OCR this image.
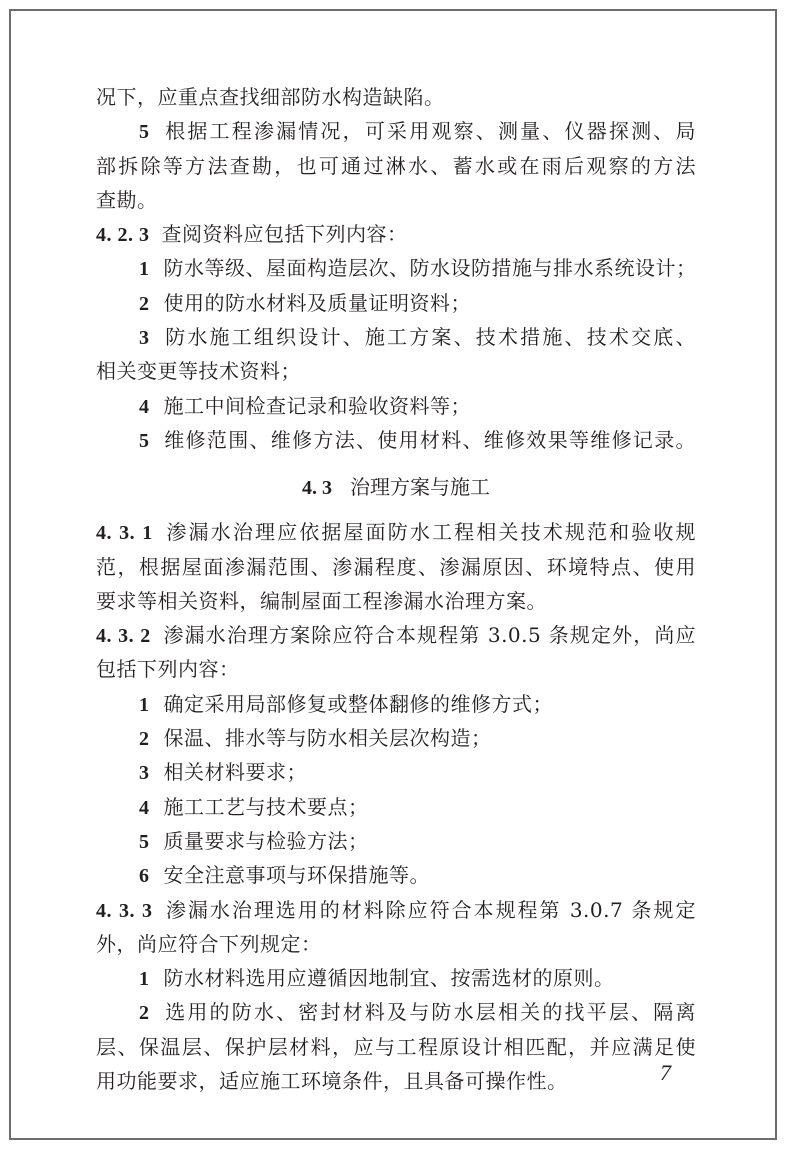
况下，应重点查找细部防水构造缺陷。
5 根据工程渗漏情况，可采用观察、测量、仪器探测、局
部拆除等方法查勘，也可通过淋水、蓄水或在雨后观察的方法
查勘。
4. 2. 3 查阅资料应包括下列内容：
1 防水等级、屋面构造层次、防水设防措施与排水系统设计；
2 使用的防水材料及质量证明资料；
3 防水施工组织设计、施工方案、技术措施、技术交底、
相关变更等技术资料；
4 施工中间检查记录和验收资料等；
5 维修范围、维修方法、使用材料、维修效果等维修记录。
4. 3 治理方案与施工
4. 3. 1 渗漏水治理应依据屋面防水工程相关技术规范和验收规
范，根据屋面渗漏范围、渗漏程度、渗漏原因、环境特点、使用
要求等相关资料，编制屋面工程渗漏水治理方案。
4. 3. 2 渗漏水治理方案除应符合本规程第 3.0.5 条规定外，尚应
包括下列内容：
1 确定采用局部修复或整体翻修的维修方式；
2 保温、排水等与防水相关层次构造；
3 相关材料要求；
4 施工工艺与技术要点；
5 质量要求与检验方法；
6 安全注意事项与环保措施等。
4. 3. 3 渗漏水治理选用的材料除应符合本规程第 3.0.7 条规定
外，尚应符合下列规定：
1 防水材料选用应遵循因地制宜、按需选材的原则。
2 选用的防水、密封材料及与防水层相关的找平层、隔离
层、保温层、保护层材料，应与工程原设计相匹配，并应满足使
用功能要求，适应施工环境条件，且具备可操作性。	7
